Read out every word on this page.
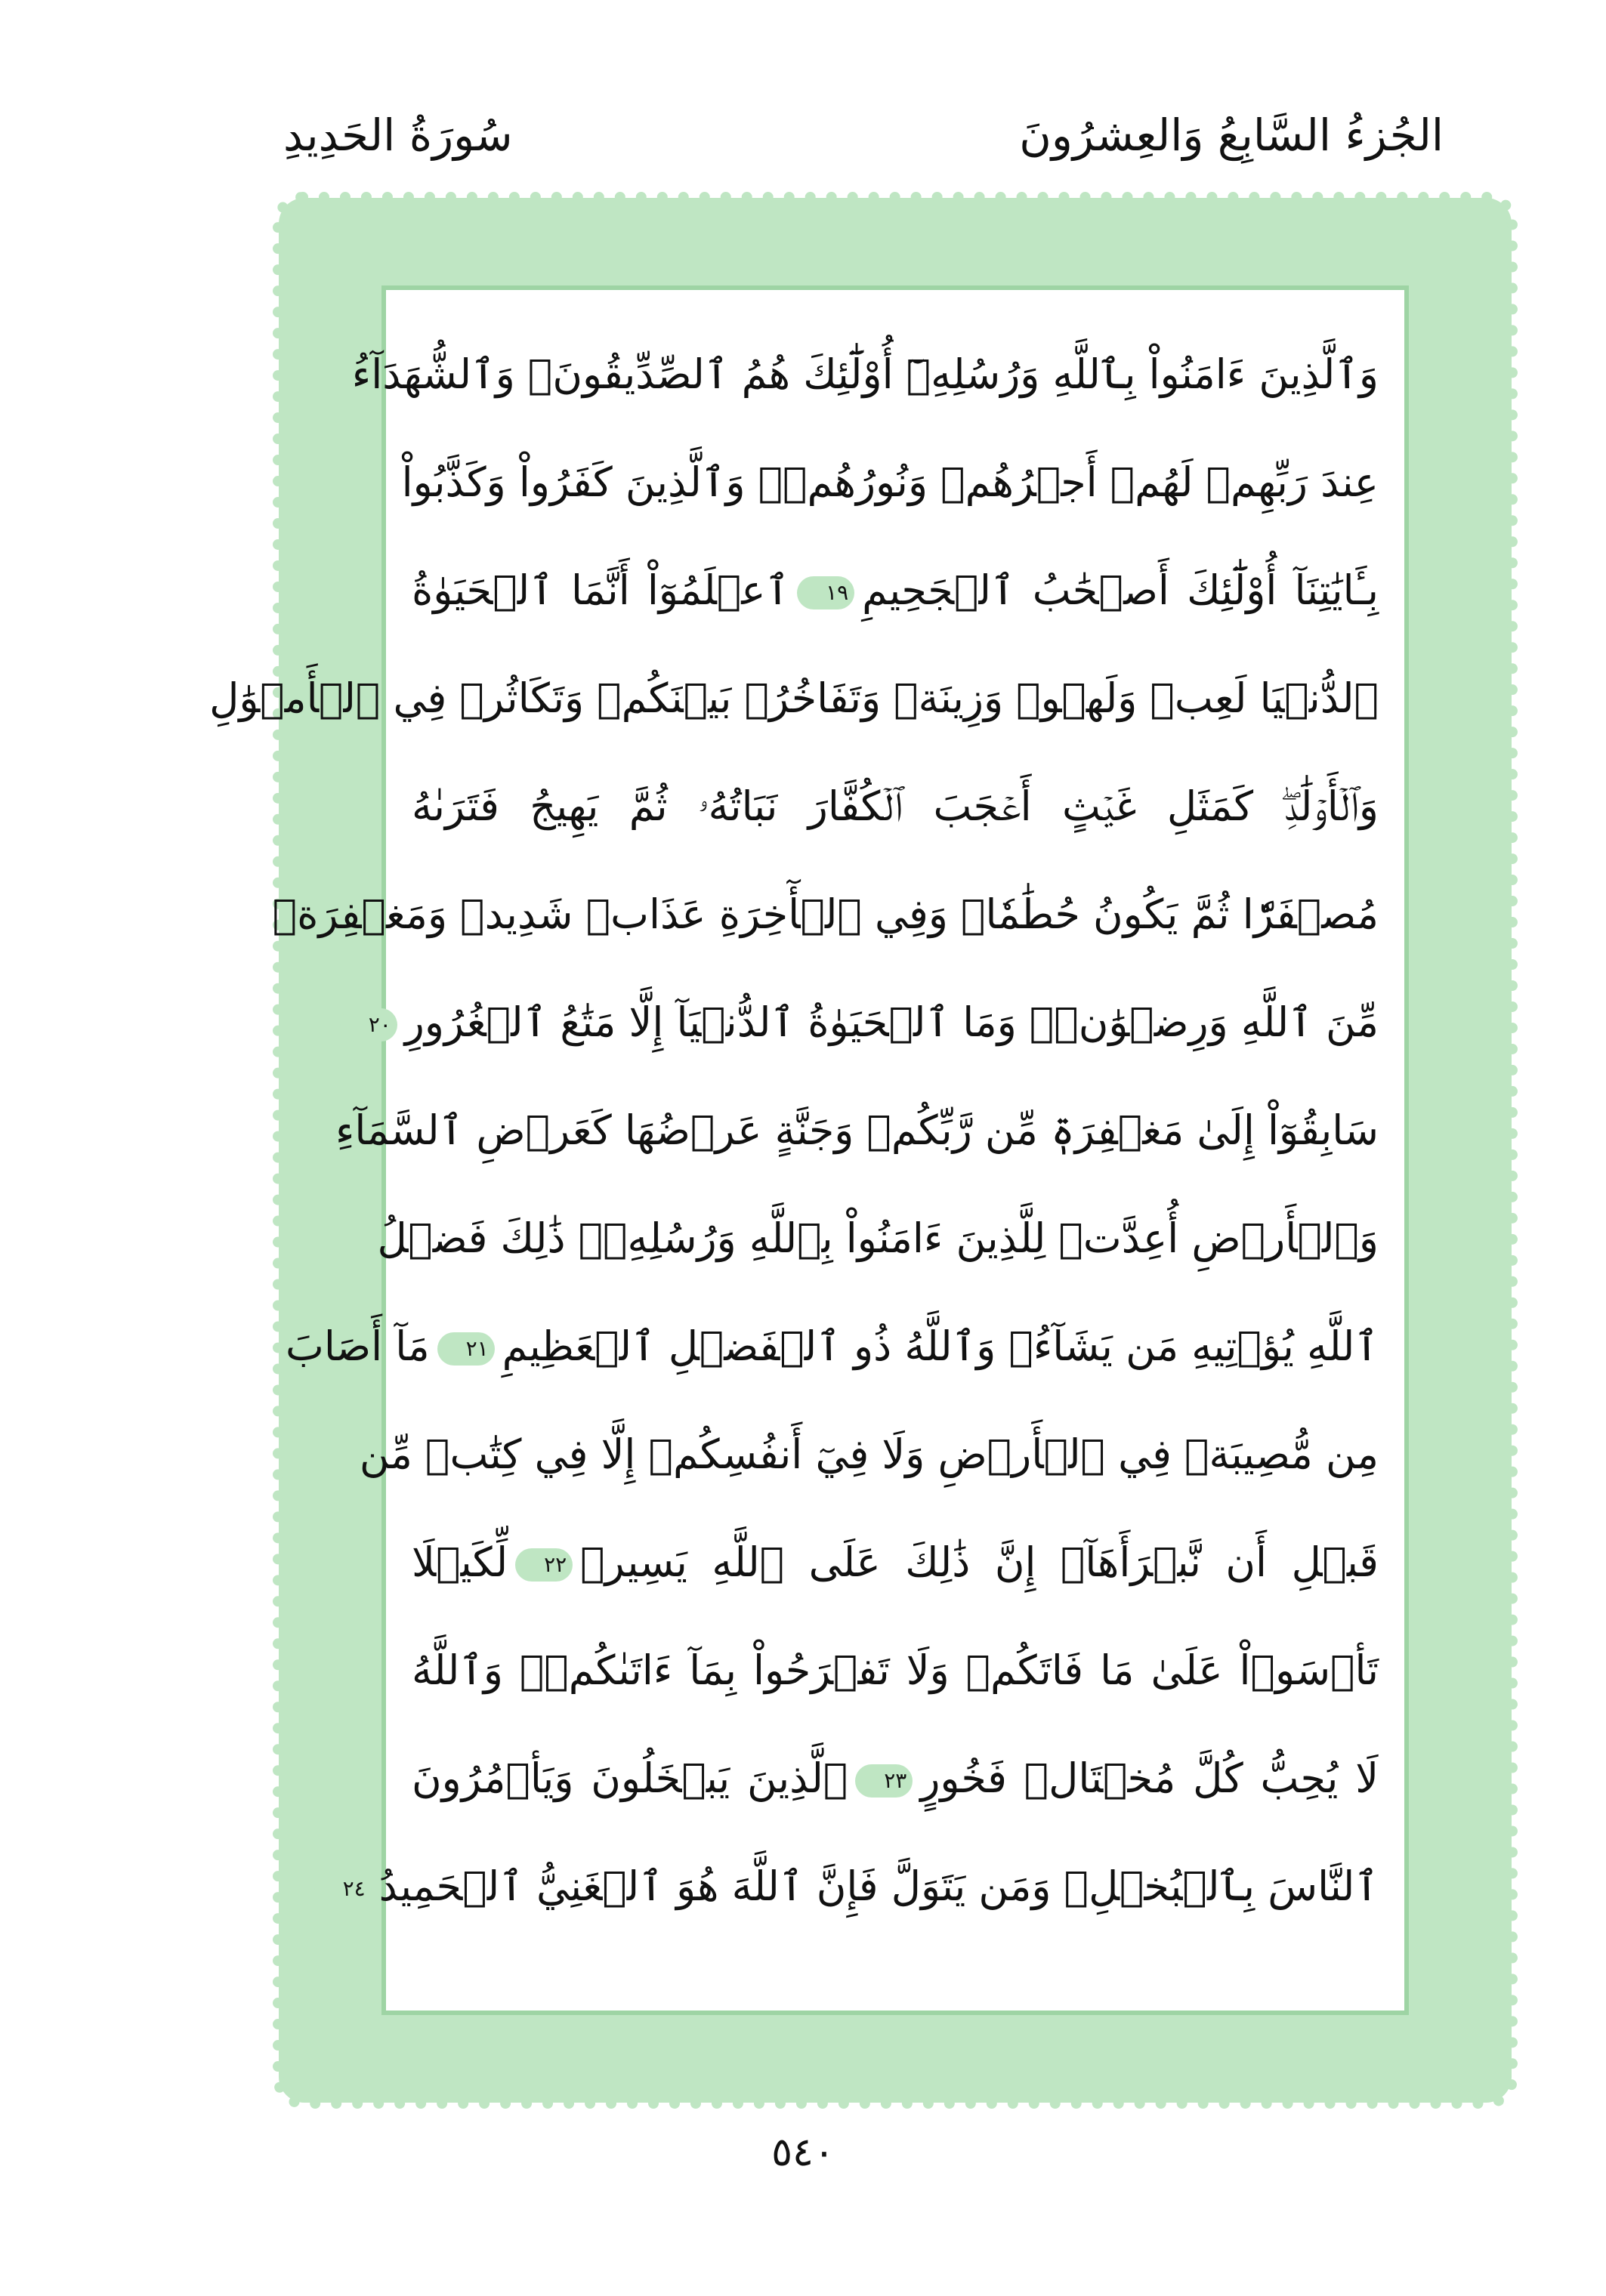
الجُزءُ السَّابِعُ وَالعِشرُونَ
سُورَةُ الحَدِيدِ
وَٱلَّذِينَ ءَامَنُواْ بِٱللَّهِ وَرُسُلِهِۦٓ أُوْلَٰٓئِكَ هُمُ ٱلصِّدِّيقُونَۖ وَٱلشُّهَدَآءُ
عِندَ رَبِّهِمۡ لَهُمۡ أَجۡرُهُمۡ وَنُورُهُمۡۖ وَٱلَّذِينَ كَفَرُواْ وَكَذَّبُواْ
بِـَٔايَٰتِنَآ أُوْلَٰٓئِكَ أَصۡحَٰبُ ٱلۡجَحِيمِ١٩ٱعۡلَمُوٓاْ أَنَّمَا ٱلۡحَيَوٰةُ
ٱلدُّنۡيَا لَعِبٞ وَلَهۡوٞ وَزِينَةٞ وَتَفَاخُرُۢ بَيۡنَكُمۡ وَتَكَاثُرٞ فِي ٱلۡأَمۡوَٰلِ
وَٱلۡأَوۡلَٰدِۖ كَمَثَلِ غَيۡثٍ أَعۡجَبَ ٱلۡكُفَّارَ نَبَاتُهُۥ ثُمَّ يَهِيجُ فَتَرَىٰهُ
مُصۡفَرّٗا ثُمَّ يَكُونُ حُطَٰمٗاۖ وَفِي ٱلۡأٓخِرَةِ عَذَابٞ شَدِيدٞ وَمَغۡفِرَةٞ
مِّنَ ٱللَّهِ وَرِضۡوَٰنٞۚ وَمَا ٱلۡحَيَوٰةُ ٱلدُّنۡيَآ إِلَّا مَتَٰعُ ٱلۡغُرُورِ٢٠
سَابِقُوٓاْ إِلَىٰ مَغۡفِرَةٖ مِّن رَّبِّكُمۡ وَجَنَّةٍ عَرۡضُهَا كَعَرۡضِ ٱلسَّمَآءِ
وَٱلۡأَرۡضِ أُعِدَّتۡ لِلَّذِينَ ءَامَنُواْ بِٱللَّهِ وَرُسُلِهِۦۚ ذَٰلِكَ فَضۡلُ
ٱللَّهِ يُؤۡتِيهِ مَن يَشَآءُۚ وَٱللَّهُ ذُو ٱلۡفَضۡلِ ٱلۡعَظِيمِ٢١مَآ أَصَابَ
مِن مُّصِيبَةٖ فِي ٱلۡأَرۡضِ وَلَا فِيٓ أَنفُسِكُمۡ إِلَّا فِي كِتَٰبٖ مِّن
قَبۡلِ أَن نَّبۡرَأَهَآۚ إِنَّ ذَٰلِكَ عَلَى ٱللَّهِ يَسِيرٞ٢٢لِّكَيۡلَا
تَأۡسَوۡاْ عَلَىٰ مَا فَاتَكُمۡ وَلَا تَفۡرَحُواْ بِمَآ ءَاتَىٰكُمۡۗ وَٱللَّهُ
لَا يُحِبُّ كُلَّ مُخۡتَالٖ فَخُورٍ٢٣ٱلَّذِينَ يَبۡخَلُونَ وَيَأۡمُرُونَ
ٱلنَّاسَ بِٱلۡبُخۡلِۗ وَمَن يَتَوَلَّ فَإِنَّ ٱللَّهَ هُوَ ٱلۡغَنِيُّ ٱلۡحَمِيدُ٢٤
٥٤٠
